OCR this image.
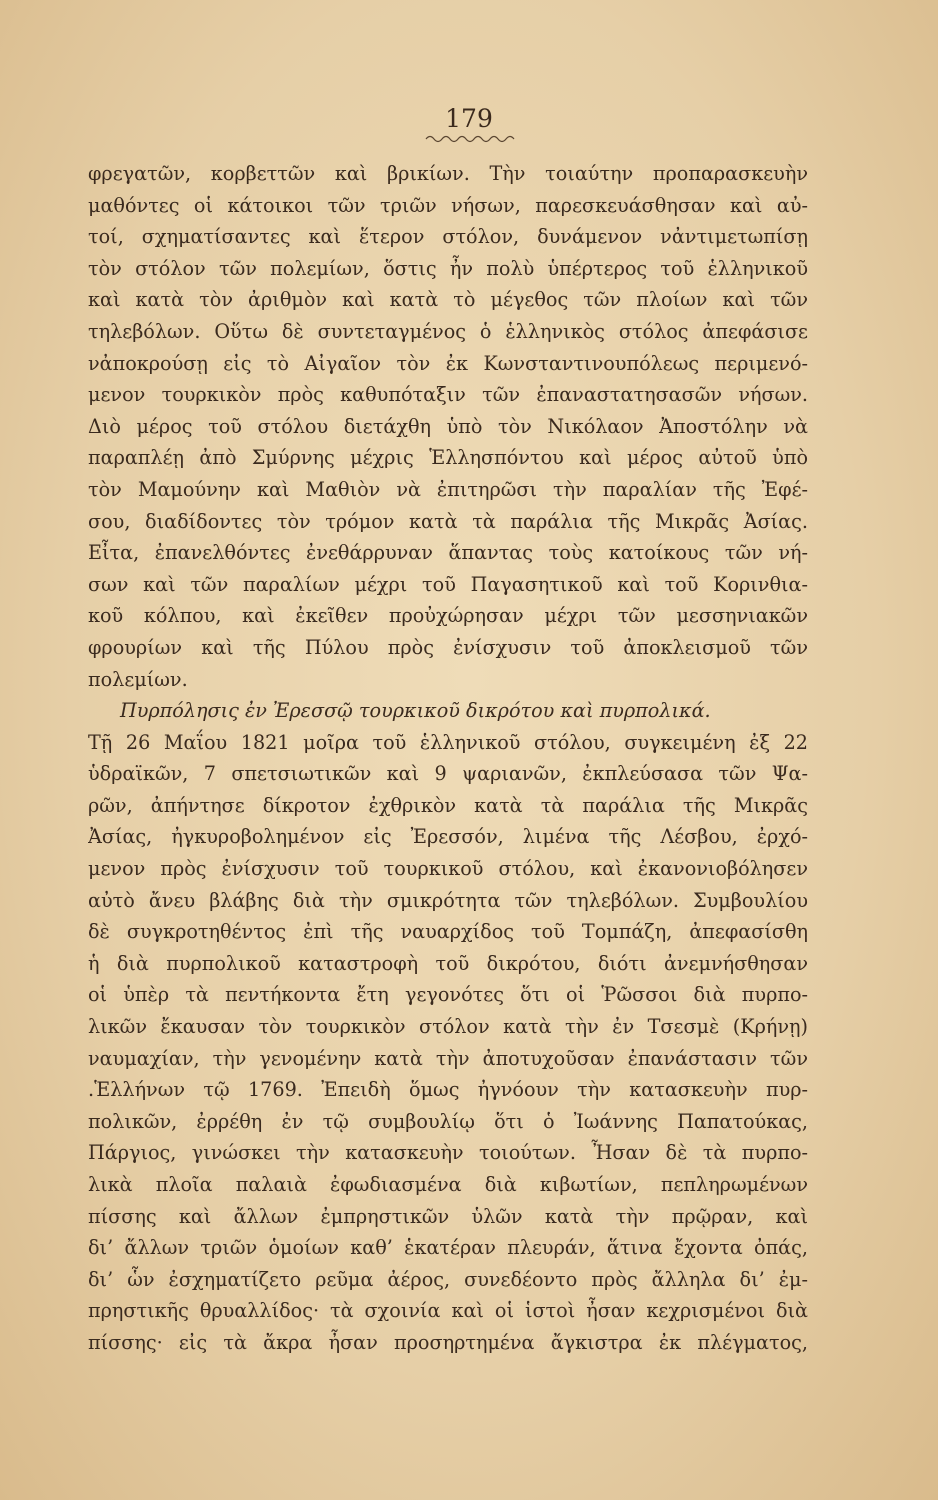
179
φρεγατῶν, κορβεττῶν καὶ βρικίων. Τὴν τοιαύτην προπαρασκευὴν
μαθόντες οἱ κάτοικοι τῶν τριῶν νήσων, παρεσκευάσθησαν καὶ αὐ-
τοί, σχηματίσαντες καὶ ἕτερον στόλον, δυνάμενον νἀντιμετωπίσῃ
τὸν στόλον τῶν πολεμίων, ὅστις ἦν πολὺ ὑπέρτερος τοῦ ἑλληνικοῦ
καὶ κατὰ τὸν ἀριθμὸν καὶ κατὰ τὸ μέγεθος τῶν πλοίων καὶ τῶν
τηλεβόλων. Οὕτω δὲ συντεταγμένος ὁ ἑλληνικὸς στόλος ἀπεφάσισε
νἀποκρούσῃ εἰς τὸ Αἰγαῖον τὸν ἐκ Κωνσταντινουπόλεως περιμενό-
μενον τουρκικὸν πρὸς καθυπόταξιν τῶν ἐπαναστατησασῶν νήσων.
Διὸ μέρος τοῦ στόλου διετάχθη ὑπὸ τὸν Νικόλαον Ἀποστόλην νὰ
παραπλέῃ ἀπὸ Σμύρνης μέχρις Ἑλλησπόντου καὶ μέρος αὐτοῦ ὑπὸ
τὸν Μαμούνην καὶ Μαθιὸν νὰ ἐπιτηρῶσι τὴν παραλίαν τῆς Ἐφέ-
σου, διαδίδοντες τὸν τρόμον κατὰ τὰ παράλια τῆς Μικρᾶς Ἀσίας.
Εἶτα, ἐπανελθόντες ἐνεθάρρυναν ἅπαντας τοὺς κατοίκους τῶν νή-
σων καὶ τῶν παραλίων μέχρι τοῦ Παγασητικοῦ καὶ τοῦ Κορινθια-
κοῦ κόλπου, καὶ ἐκεῖθεν προὐχώρησαν μέχρι τῶν μεσσηνιακῶν
φρουρίων καὶ τῆς Πύλου πρὸς ἐνίσχυσιν τοῦ ἀποκλεισμοῦ τῶν
πολεμίων.
Πυρπόλησις ἐν Ἐρεσσῷ τουρκικοῦ δικρότου καὶ πυρπολικά.
Τῇ 26 Μαΐου 1821 μοῖρα τοῦ ἑλληνικοῦ στόλου, συγκειμένη ἐξ 22
ὑδραϊκῶν, 7 σπετσιωτικῶν καὶ 9 ψαριανῶν, ἐκπλεύσασα τῶν Ψα-
ρῶν, ἀπήντησε δίκροτον ἐχθρικὸν κατὰ τὰ παράλια τῆς Μικρᾶς
Ἀσίας, ἠγκυροβολημένον εἰς Ἐρεσσόν, λιμένα τῆς Λέσβου, ἐρχό-
μενον πρὸς ἐνίσχυσιν τοῦ τουρκικοῦ στόλου, καὶ ἐκανονιοβόλησεν
αὐτὸ ἄνευ βλάβης διὰ τὴν σμικρότητα τῶν τηλεβόλων. Συμβουλίου
δὲ συγκροτηθέντος ἐπὶ τῆς ναυαρχίδος τοῦ Τομπάζη, ἀπεφασίσθη
ἡ διὰ πυρπολικοῦ καταστροφὴ τοῦ δικρότου, διότι ἀνεμνήσθησαν
οἱ ὑπὲρ τὰ πεντήκοντα ἔτη γεγονότες ὅτι οἱ Ῥῶσσοι διὰ πυρπο-
λικῶν ἔκαυσαν τὸν τουρκικὸν στόλον κατὰ τὴν ἐν Τσεσμὲ (Κρήνῃ)
ναυμαχίαν, τὴν γενομένην κατὰ τὴν ἀποτυχοῦσαν ἐπανάστασιν τῶν
.Ἑλλήνων τῷ 1769. Ἐπειδὴ ὅμως ἠγνόουν τὴν κατασκευὴν πυρ-
πολικῶν, ἐρρέθη ἐν τῷ συμβουλίῳ ὅτι ὁ Ἰωάννης Παπατούκας,
Πάργιος, γινώσκει τὴν κατασκευὴν τοιούτων. Ἦσαν δὲ τὰ πυρπο-
λικὰ πλοῖα παλαιὰ ἐφωδιασμένα διὰ κιβωτίων, πεπληρωμένων
πίσσης καὶ ἄλλων ἐμπρηστικῶν ὑλῶν κατὰ τὴν πρῷραν, καὶ
δι’ ἄλλων τριῶν ὁμοίων καθ’ ἑκατέραν πλευράν, ἅτινα ἔχοντα ὀπάς,
δι’ ὧν ἐσχηματίζετο ρεῦμα ἀέρος, συνεδέοντο πρὸς ἄλληλα δι’ ἐμ-
πρηστικῆς θρυαλλίδος· τὰ σχοινία καὶ οἱ ἱστοὶ ἦσαν κεχρισμένοι διὰ
πίσσης· εἰς τὰ ἄκρα ἦσαν προσηρτημένα ἄγκιστρα ἐκ πλέγματος,
